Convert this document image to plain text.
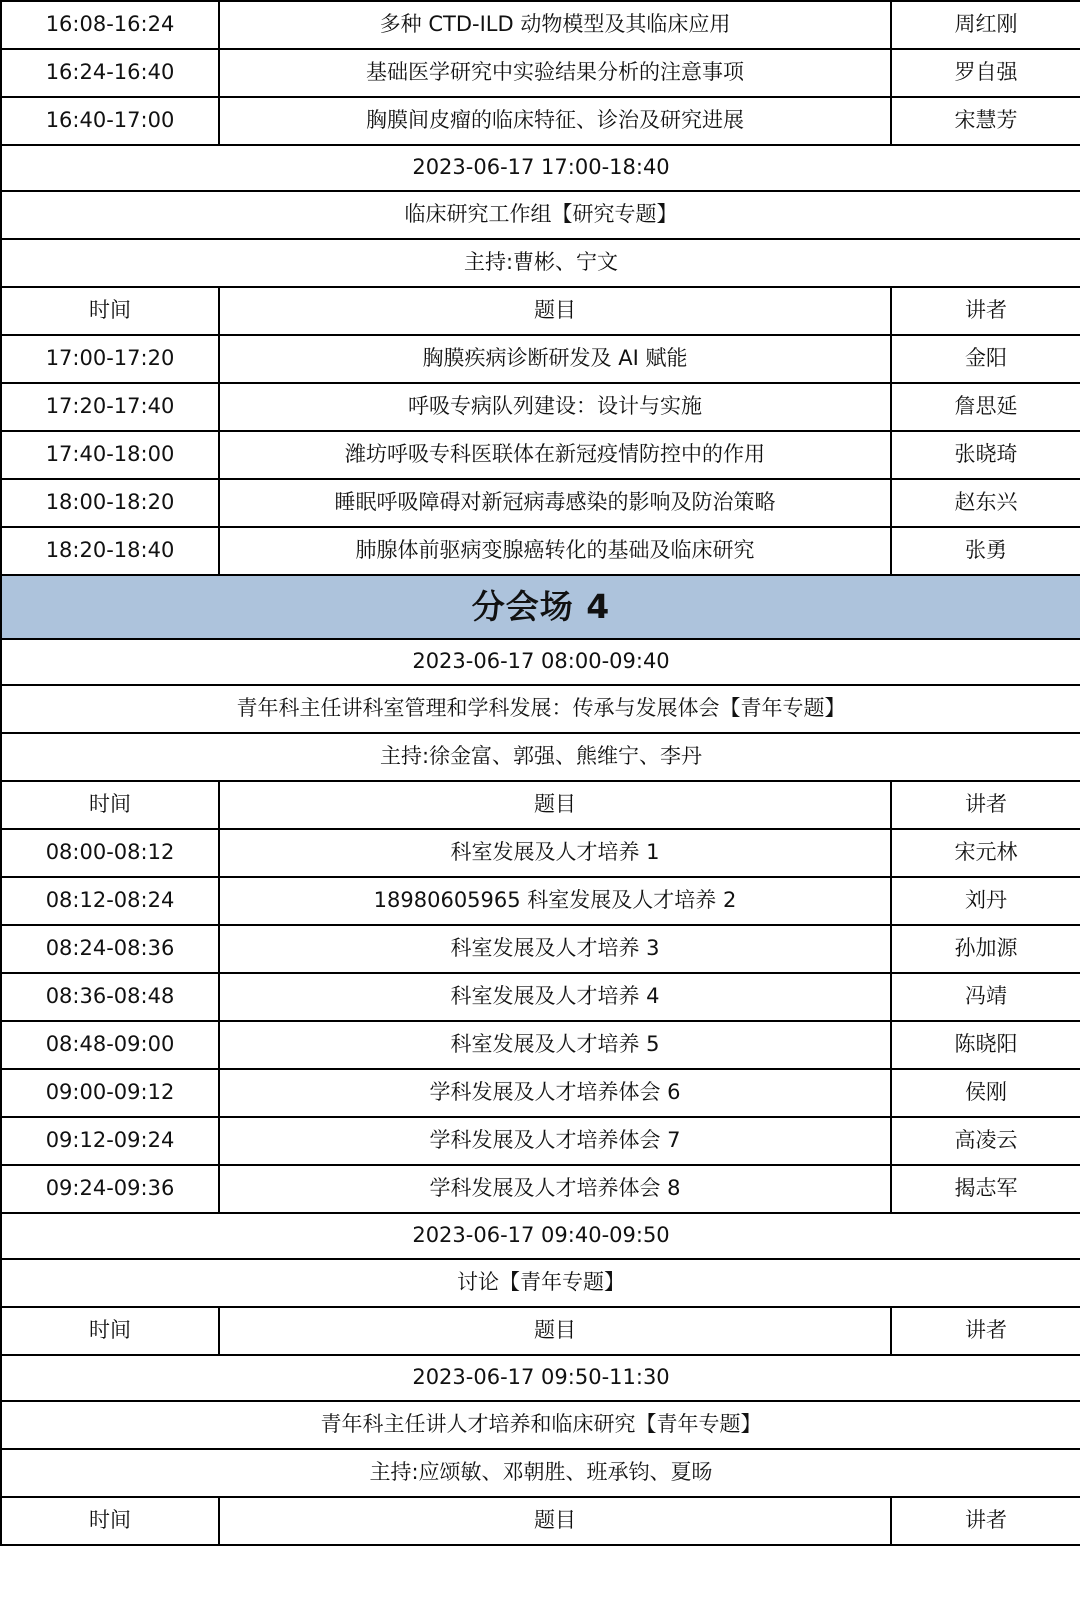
16:08-16:24	多种 CTD-ILD 动物模型及其临床应用	周红刚
16:24-16:40	基础医学研究中实验结果分析的注意事项	罗自强
16:40-17:00	胸膜间皮瘤的临床特征、诊治及研究进展	宋慧芳
2023-06-17 17:00-18:40		
临床研究工作组【研究专题】		
主持:曹彬、宁文		
时间	题目	讲者
17:00-17:20	胸膜疾病诊断研发及 AI 赋能	金阳
17:20-17:40	呼吸专病队列建设：设计与实施	詹思延
17:40-18:00	潍坊呼吸专科医联体在新冠疫情防控中的作用	张晓琦
18:00-18:20	睡眠呼吸障碍对新冠病毒感染的影响及防治策略	赵东兴
18:20-18:40	肺腺体前驱病变腺癌转化的基础及临床研究	张勇
分会场 4		
2023-06-17 08:00-09:40		
青年科主任讲科室管理和学科发展：传承与发展体会【青年专题】		
主持:徐金富、郭强、熊维宁、李丹		
时间	题目	讲者
08:00-08:12	科室发展及人才培养 1	宋元林
08:12-08:24	18980605965 科室发展及人才培养 2	刘丹
08:24-08:36	科室发展及人才培养 3	孙加源
08:36-08:48	科室发展及人才培养 4	冯靖
08:48-09:00	科室发展及人才培养 5	陈晓阳
09:00-09:12	学科发展及人才培养体会 6	侯刚
09:12-09:24	学科发展及人才培养体会 7	高凌云
09:24-09:36	学科发展及人才培养体会 8	揭志军
2023-06-17 09:40-09:50		
讨论【青年专题】		
时间	题目	讲者
2023-06-17 09:50-11:30		
青年科主任讲人才培养和临床研究【青年专题】		
主持:应颂敏、邓朝胜、班承钧、夏旸		
时间	题目	讲者
